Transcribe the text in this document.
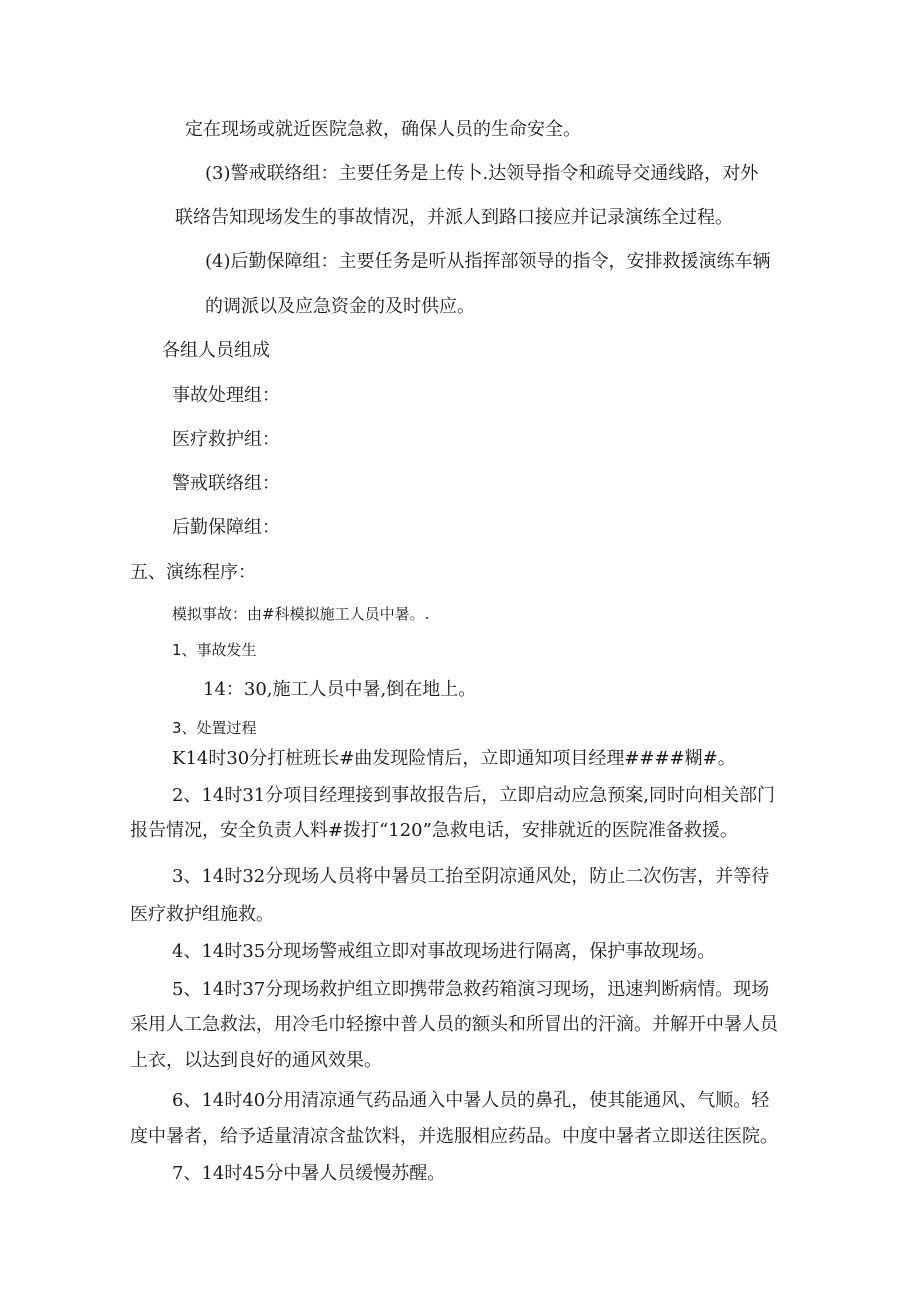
定在现场或就近医院急救，确保人员的生命安全。

(3)警戒联络组：主要任务是上传卜.达领导指令和疏导交通线路，对外

联络告知现场发生的事故情况，并派人到路口接应并记录演练全过程。

(4)后勤保障组：主要任务是听从指挥部领导的指令，安排救援演练车辆

的调派以及应急资金的及时供应。

各组人员组成

事故处理组：

医疗救护组：

警戒联络组：

后勤保障组：

五、演练程序：

模拟事故：由#科模拟施工人员中暑。.

1、事故发生

14：30,施工人员中暑,倒在地上。

3、处置过程

K14时30分打桩班长#曲发现险情后，立即通知项目经理####糊#。

2、14时31分项目经理接到事故报告后，立即启动应急预案,同时向相关部门

报告情况，安全负责人料#拨打“120”急救电话，安排就近的医院准备救援。

3、14时32分现场人员将中暑员工抬至阴凉通风处，防止二次伤害，并等待

医疗救护组施救。

4、14时35分现场警戒组立即对事故现场进行隔离，保护事故现场。

5、14时37分现场救护组立即携带急救药箱演习现场，迅速判断病情。现场

采用人工急救法，用冷毛巾轻擦中普人员的额头和所冒出的汗滴。并解开中暑人员

上衣，以达到良好的通风效果。

6、14时40分用清凉通气药品通入中暑人员的鼻孔，使其能通风、气顺。轻

度中暑者，给予适量清凉含盐饮料，并选服相应药品。中度中暑者立即送往医院。

7、14时45分中暑人员缓慢苏醒。
